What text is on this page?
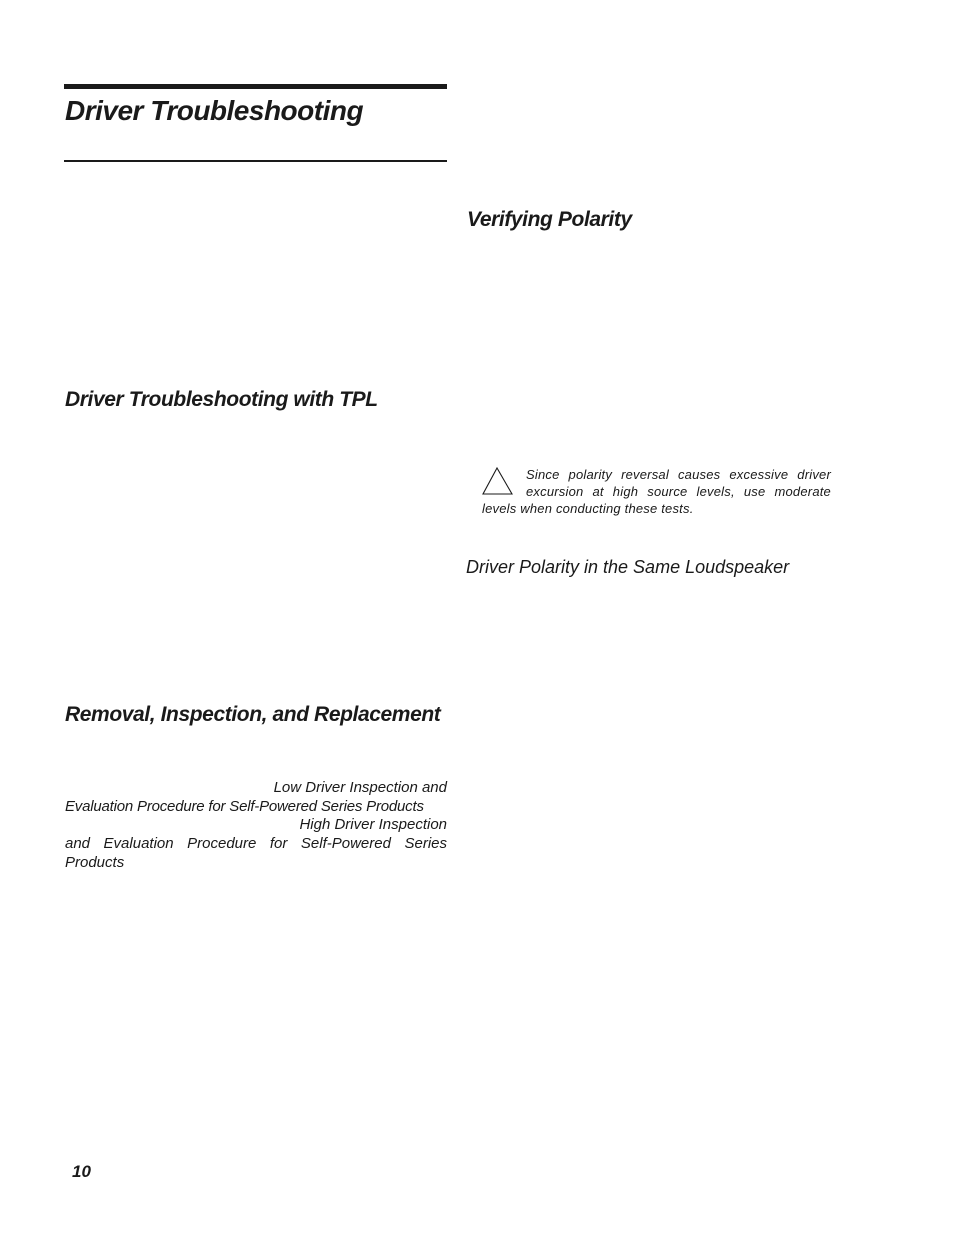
Driver Troubleshooting
Verifying Polarity
Driver Troubleshooting with TPL
Since polarity reversal causes excessive driver excursion at high source levels, use moderate levels when conducting these tests.
Driver Polarity in the Same Loudspeaker
Removal, Inspection, and Replacement
Low Driver Inspection and
Evaluation Procedure for Self-Powered Series Products
High Driver Inspection
and Evaluation Procedure for Self-Powered Series
Products
10
